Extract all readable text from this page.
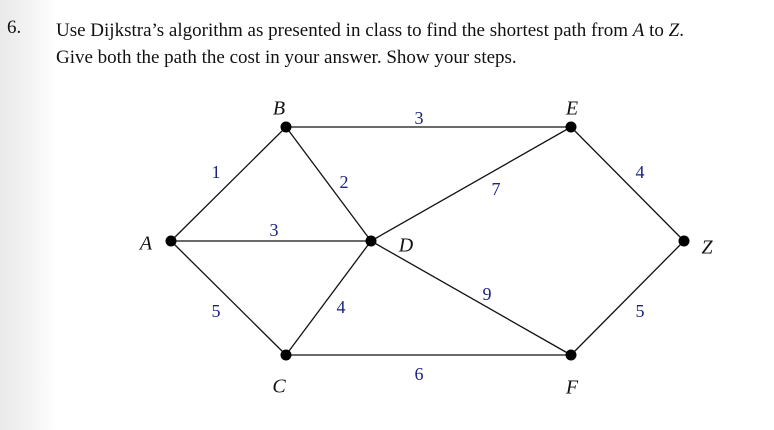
6. Use Dijkstra’s algorithm as presented in class to find the shortest path from A to Z.
Give both the path the cost in your answer. Show your steps.
1
3
5
3
2
4
6
7
9
4
5
A
B
C
D
E
F
Z
